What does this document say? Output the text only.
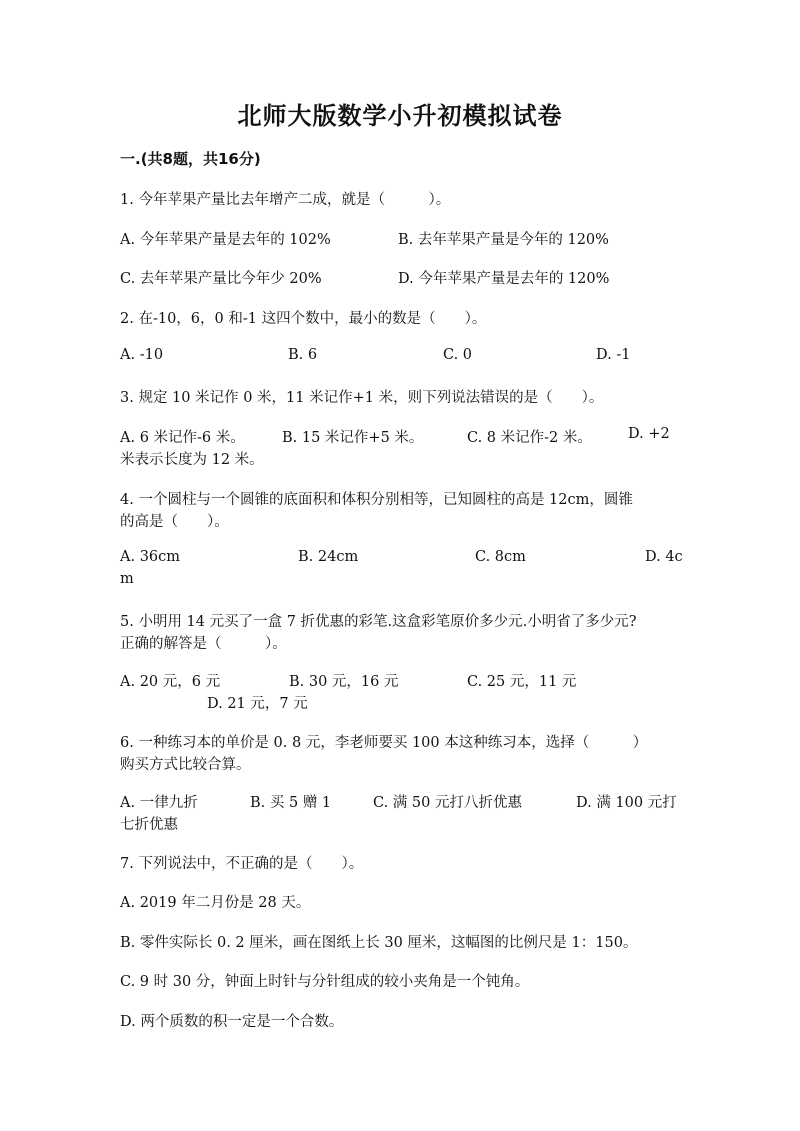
北师大版数学小升初模拟试卷
一.(共8题，共16分)
1. 今年苹果产量比去年增产二成，就是（　　　）。
A. 今年苹果产量是去年的 102%	B. 去年苹果产量是今年的 120%
C. 去年苹果产量比今年少 20%	D. 今年苹果产量是去年的 120%
2. 在-10，6，0 和-1 这四个数中，最小的数是（　　）。
A. -10	B. 6	C. 0	D. -1
3. 规定 10 米记作 0 米，11 米记作+1 米，则下列说法错误的是（　　）。
A. 6 米记作-6 米。	B. 15 米记作+5 米。	C. 8 米记作-2 米。 D. +2
米表示长度为 12 米。
4. 一个圆柱与一个圆锥的底面积和体积分别相等，已知圆柱的高是 12cm，圆锥
的高是（　　）。
A. 36cm	B. 24cm	C. 8cm	D. 4c
m
5. 小明用 14 元买了一盒 7 折优惠的彩笔.这盒彩笔原价多少元.小明省了多少元?
正确的解答是（　　　）。
A. 20 元，6 元	B. 30 元，16 元	C. 25 元，11 元
D. 21 元，7 元
6. 一种练习本的单价是 0. 8 元，李老师要买 100 本这种练习本，选择（　　　）
购买方式比较合算。
A. 一律九折	B. 买 5 赠 1	C. 满 50 元打八折优惠	D. 满 100 元打
七折优惠
7. 下列说法中，不正确的是（　　）。
A. 2019 年二月份是 28 天。
B. 零件实际长 0. 2 厘米，画在图纸上长 30 厘米，这幅图的比例尺是 1：150。
C. 9 时 30 分，钟面上时针与分针组成的较小夹角是一个钝角。
D. 两个质数的积一定是一个合数。
